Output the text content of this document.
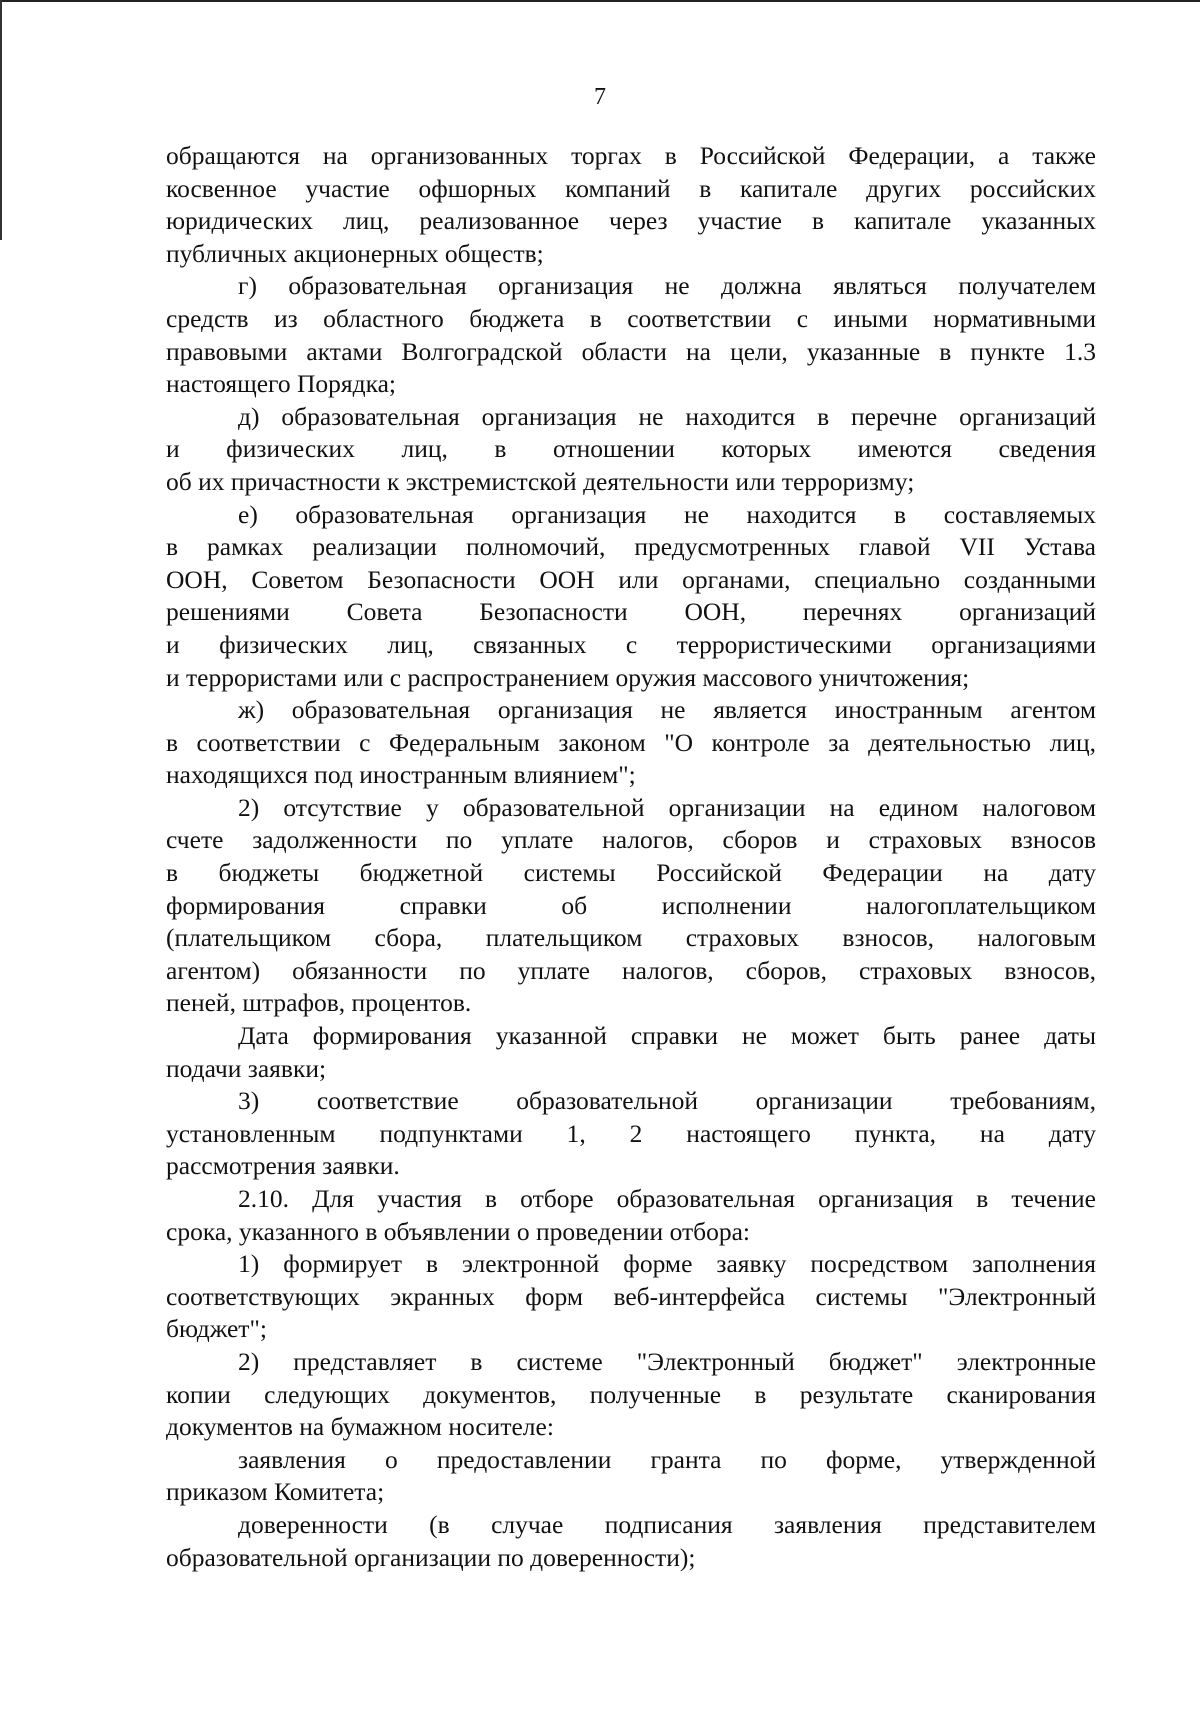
7
обращаются на организованных торгах в Российской Федерации, а также
косвенное участие офшорных компаний в капитале других российских
юридических лиц, реализованное через участие в капитале указанных
публичных акционерных обществ;
г) образовательная организация не должна являться получателем
средств из областного бюджета в соответствии с иными нормативными
правовыми актами Волгоградской области на цели, указанные в пункте 1.3
настоящего Порядка;
д) образовательная организация не находится в перечне организаций
и физических лиц, в отношении которых имеются сведения
об их причастности к экстремистской деятельности или терроризму;
е) образовательная организация не находится в составляемых
в рамках реализации полномочий, предусмотренных главой VII Устава
ООН, Советом Безопасности ООН или органами, специально созданными
решениями Совета Безопасности ООН, перечнях организаций
и физических лиц, связанных с террористическими организациями
и террористами или с распространением оружия массового уничтожения;
ж) образовательная организация не является иностранным агентом
в соответствии с Федеральным законом "О контроле за деятельностью лиц,
находящихся под иностранным влиянием";
2) отсутствие у образовательной организации на едином налоговом
счете задолженности по уплате налогов, сборов и страховых взносов
в бюджеты бюджетной системы Российской Федерации на дату
формирования справки об исполнении налогоплательщиком
(плательщиком сбора, плательщиком страховых взносов, налоговым
агентом) обязанности по уплате налогов, сборов, страховых взносов,
пеней, штрафов, процентов.
Дата формирования указанной справки не может быть ранее даты
подачи заявки;
3) соответствие образовательной организации требованиям,
установленным подпунктами 1, 2 настоящего пункта, на дату
рассмотрения заявки.
2.10. Для участия в отборе образовательная организация в течение
срока, указанного в объявлении о проведении отбора:
1) формирует в электронной форме заявку посредством заполнения
соответствующих экранных форм веб-интерфейса системы "Электронный
бюджет";
2) представляет в системе "Электронный бюджет" электронные
копии следующих документов, полученные в результате сканирования
документов на бумажном носителе:
заявления о предоставлении гранта по форме, утвержденной
приказом Комитета;
доверенности (в случае подписания заявления представителем
образовательной организации по доверенности);
